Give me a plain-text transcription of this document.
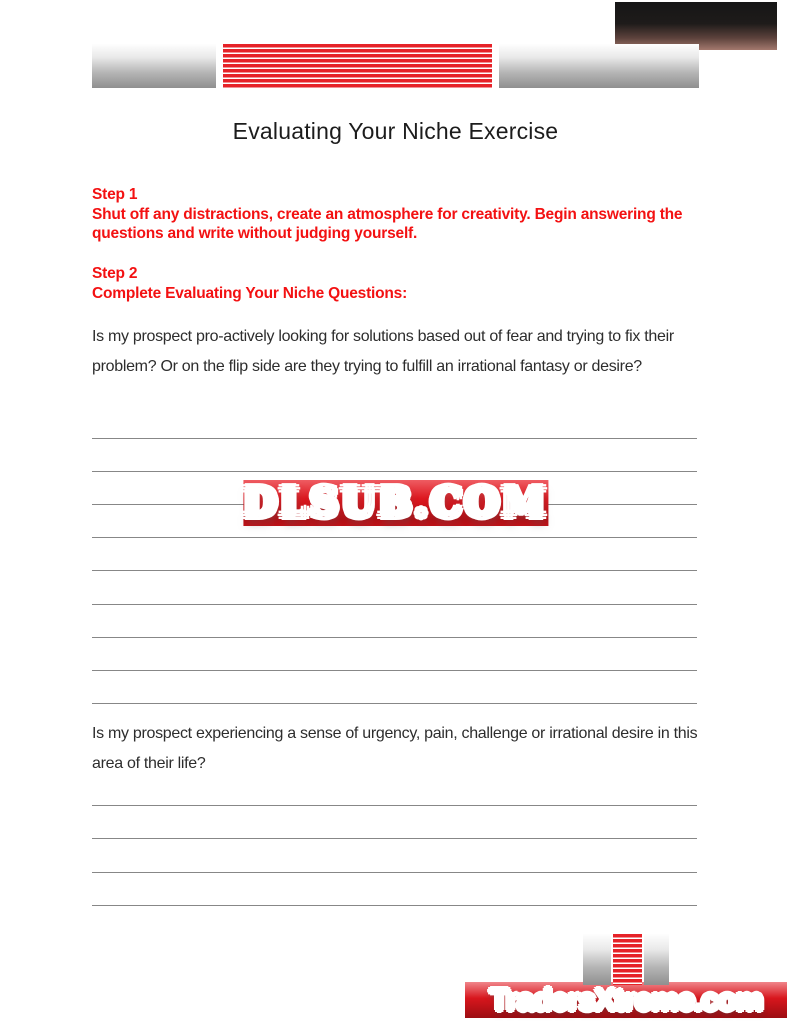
Evaluating Your Niche Exercise
Step 1
Shut off any distractions, create an atmosphere for creativity. Begin answering the questions and write without judging yourself.
Step 2
Complete Evaluating Your Niche Questions:
Is my prospect pro-actively looking for solutions based out of fear and trying to fix their problem? Or on the flip side are they trying to fulfill an irrational fantasy or desire?
DLSUB.COM
Is my prospect experiencing a sense of urgency, pain, challenge or irrational desire in this area of their life?
TradersXtreme.com
